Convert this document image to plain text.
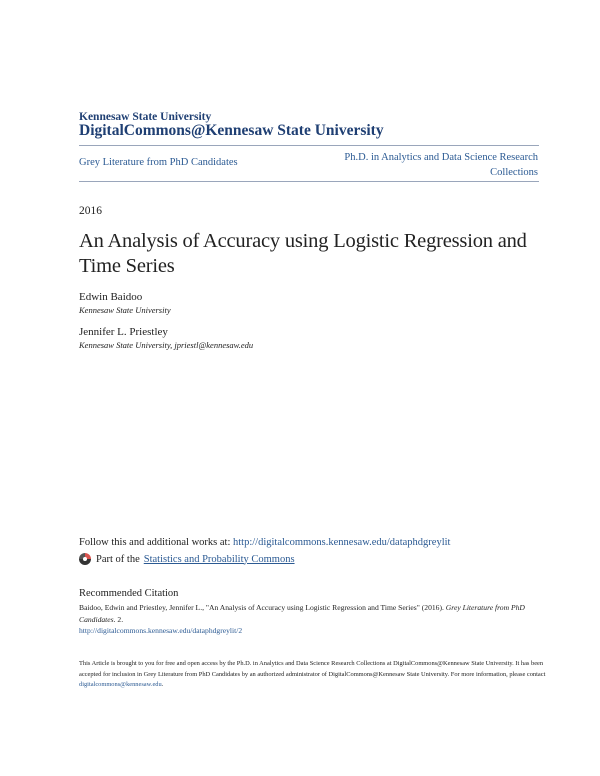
Kennesaw State University
DigitalCommons@Kennesaw State University
Grey Literature from PhD Candidates	Ph.D. in Analytics and Data Science Research
Collections
2016
An Analysis of Accuracy using Logistic Regression and Time Series
Edwin Baidoo
Kennesaw State University
Jennifer L. Priestley
Kennesaw State University, jpriestl@kennesaw.edu
Follow this and additional works at: http://digitalcommons.kennesaw.edu/dataphdgreylit
Part of the Statistics and Probability Commons
Recommended Citation
Baidoo, Edwin and Priestley, Jennifer L., "An Analysis of Accuracy using Logistic Regression and Time Series" (2016). Grey Literature from PhD Candidates. 2.
http://digitalcommons.kennesaw.edu/dataphdgreylit/2
This Article is brought to you for free and open access by the Ph.D. in Analytics and Data Science Research Collections at DigitalCommons@Kennesaw State University. It has been accepted for inclusion in Grey Literature from PhD Candidates by an authorized administrator of DigitalCommons@Kennesaw State University. For more information, please contact digitalcommons@kennesaw.edu.
